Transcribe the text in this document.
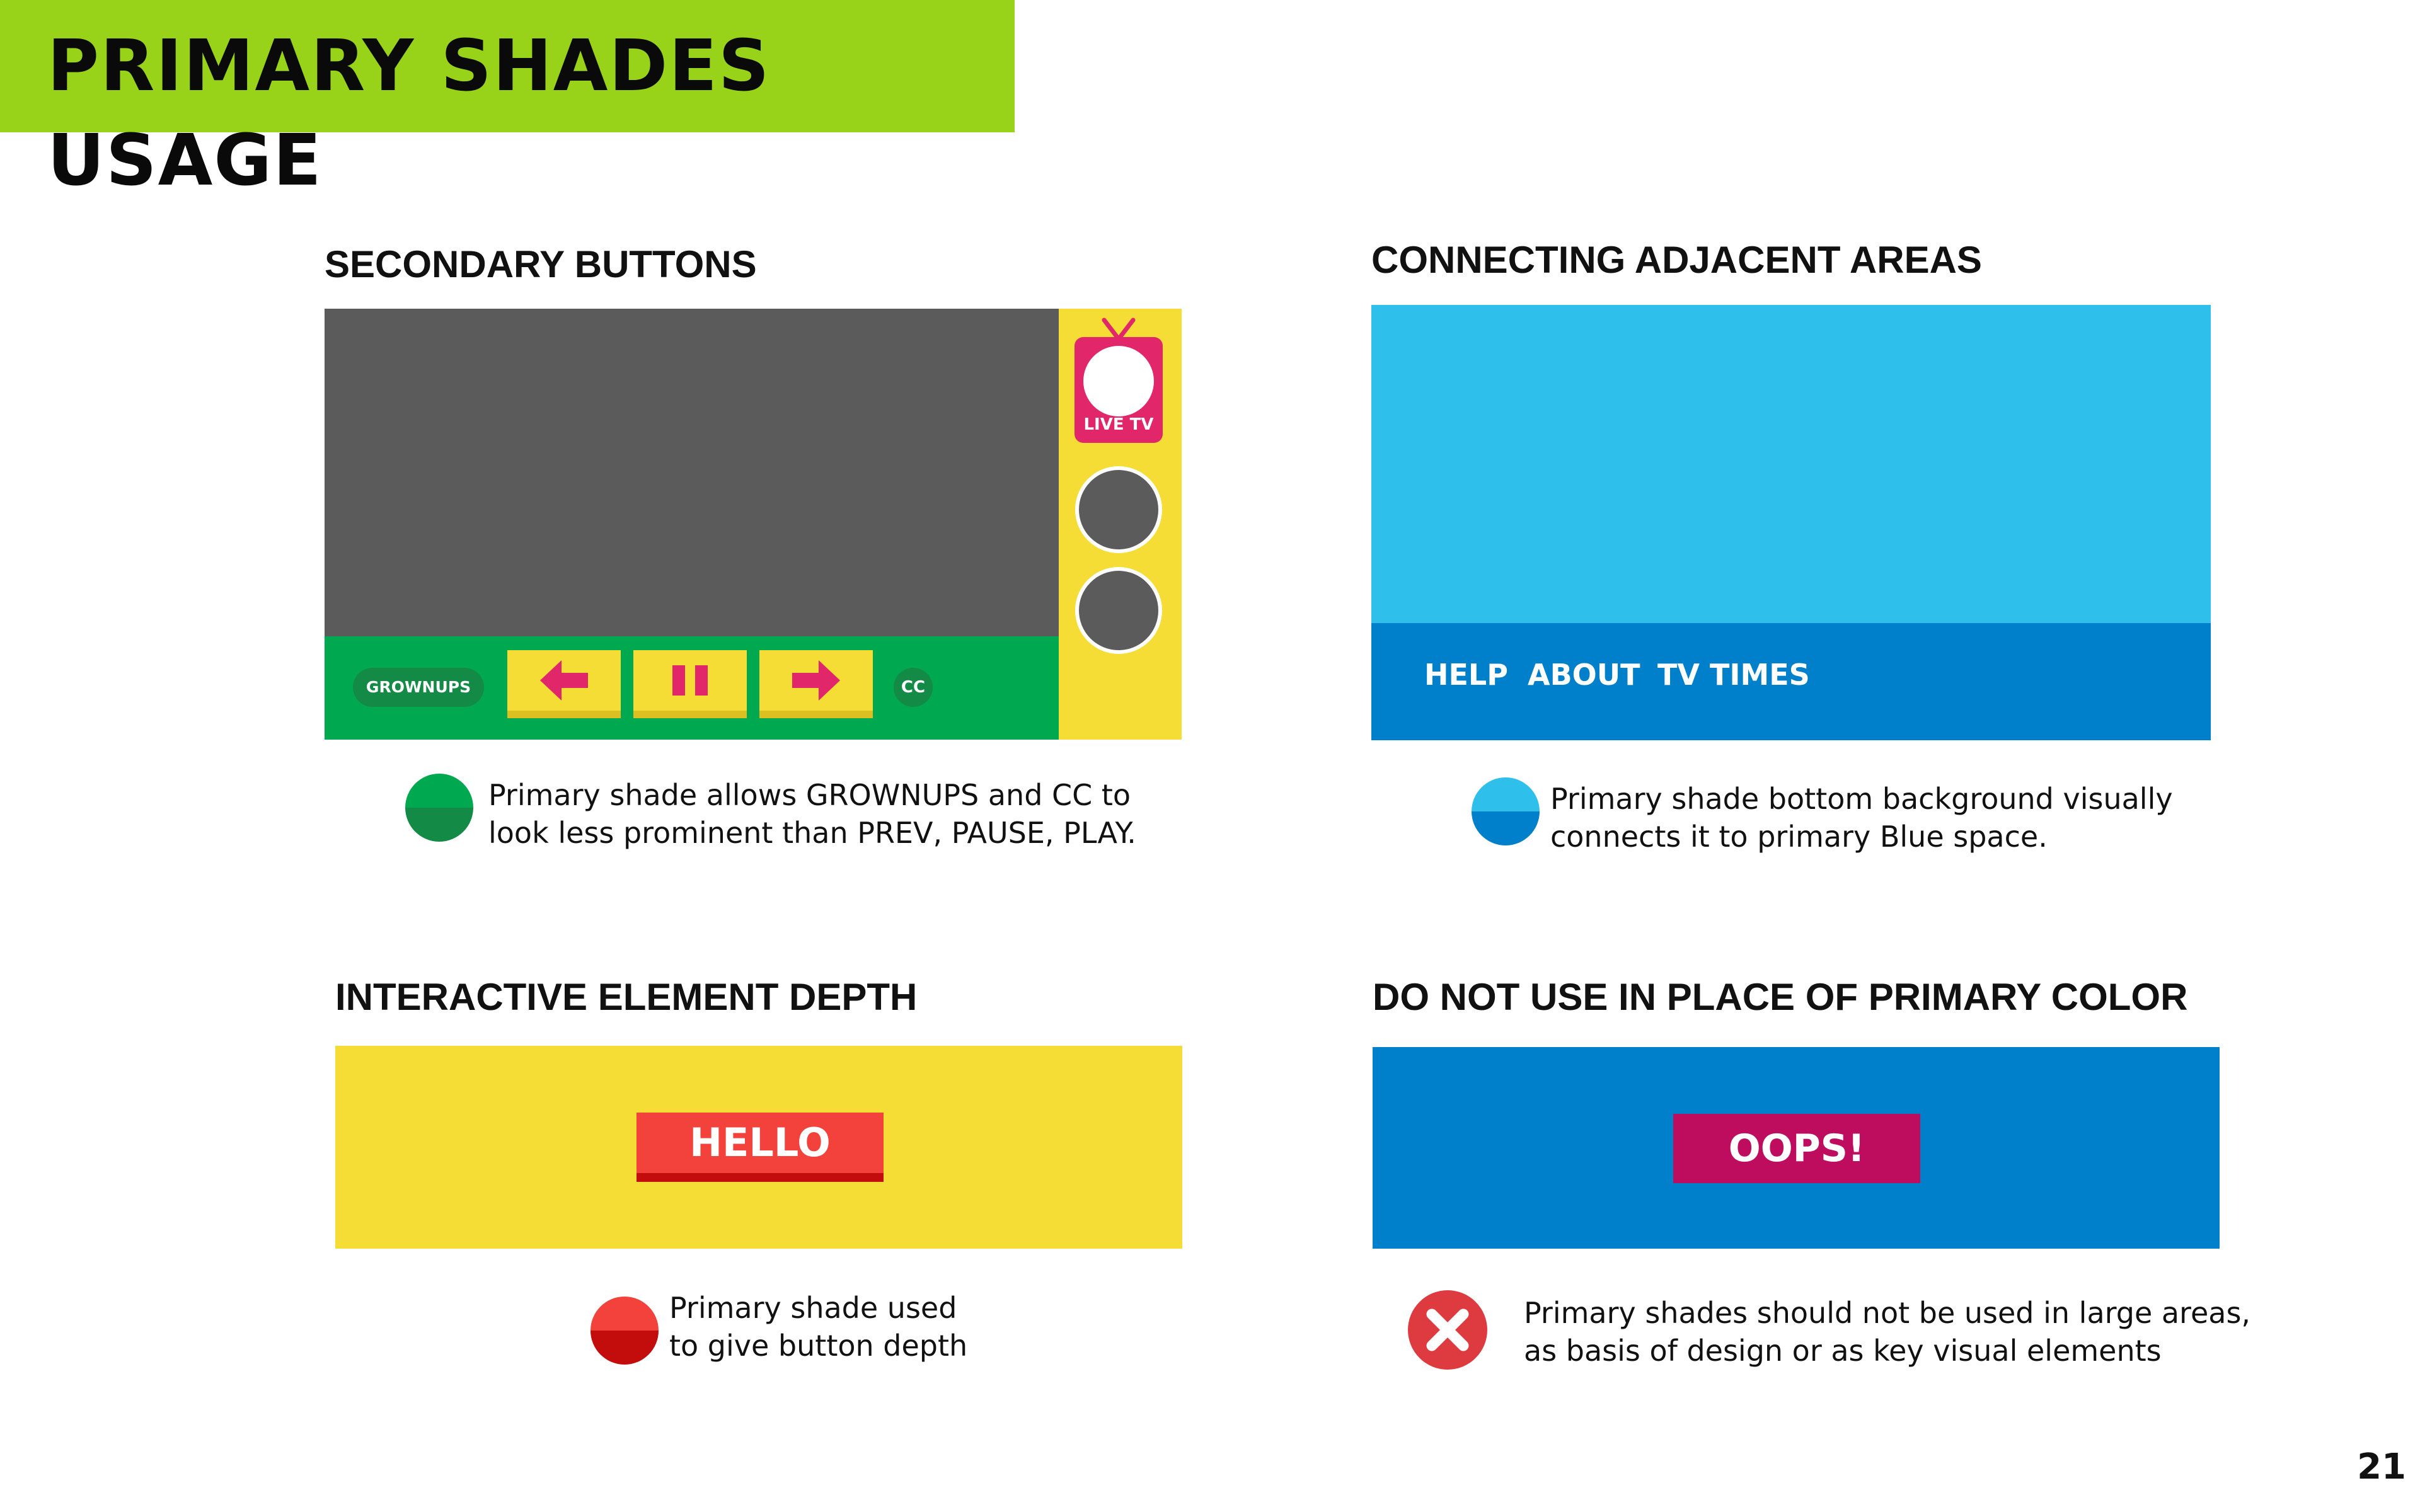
PRIMARY SHADES USAGE
SECONDARY BUTTONS
GROWNUPS	CC
LIVE TV
Primary shade allows GROWNUPS and CC to
look less prominent than PREV, PAUSE, PLAY.
CONNECTING ADJACENT AREAS
HELP ABOUT TV TIMES
Primary shade bottom background visually
connects it to primary Blue space.
INTERACTIVE ELEMENT DEPTH
HELLO
Primary shade used
to give button depth
DO NOT USE IN PLACE OF PRIMARY COLOR
OOPS!
Primary shades should not be used in large areas,
as basis of design or as key visual elements
21
